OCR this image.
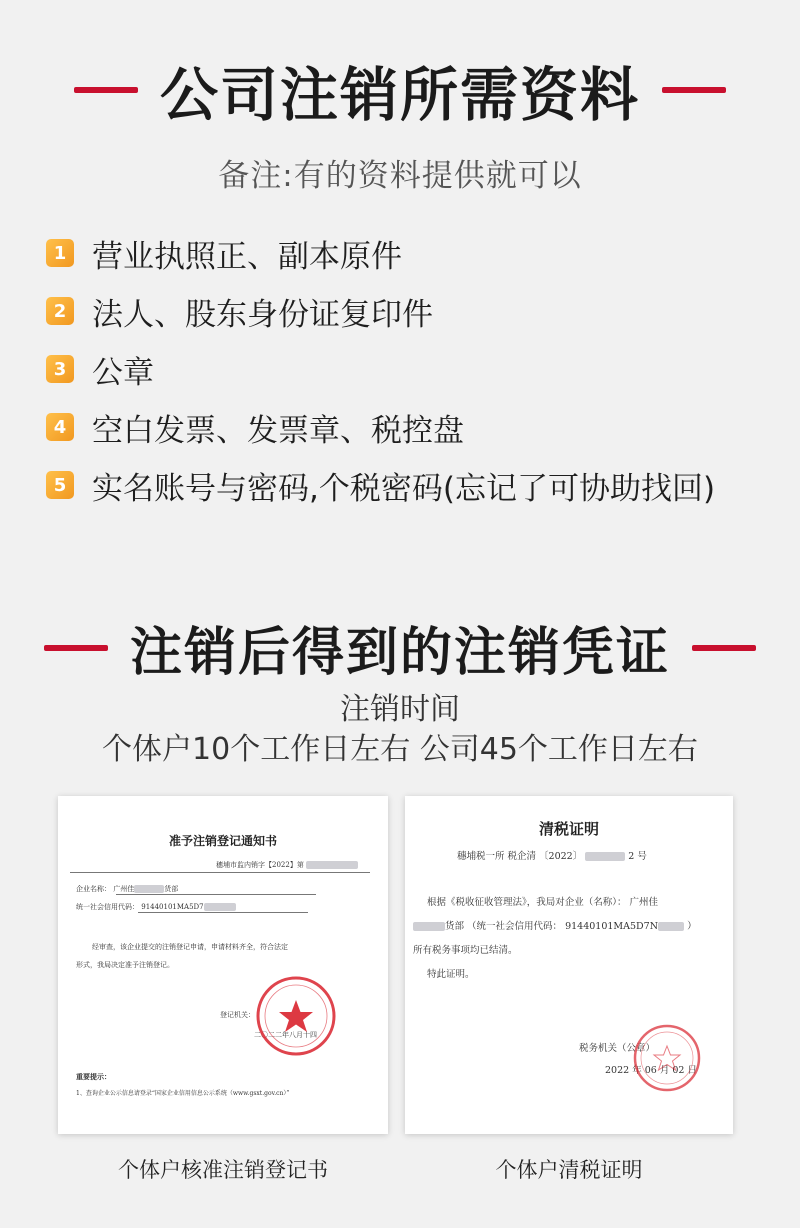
公司注销所需资料
备注:有的资料提供就可以
1 营业执照正、副本原件
2 法人、股东身份证复印件
3 公章
4 空白发票、发票章、税控盘
5 实名账号与密码,个税密码(忘记了可协助找回)
注销后得到的注销凭证
注销时间
个体户10个工作日左右 公司45个工作日左右
准予注销登记通知书
穗埔市监内销字【2022】第
企业名称： 广州佳	货部
统一社会信用代码： 91440101MA5D7
经审查，该企业提交的注销登记申请，申请材料齐全，符合法定
形式，我局决定准予注销登记。
登记机关：
二〇二二年八月十四
重要提示：
1、查询企业公示信息请登录“国家企业信用信息公示系统（www.gsxt.gov.cn）”
清税证明
穗埔税一所 税企清 〔2022〕	2 号
根据《税收征收管理法》，我局对企业（名称）： 广州佳
货部 （统一社会信用代码： 91440101MA5D7N	）
所有税务事项均已结清。
特此证明。
税务机关（公章）
2022 年 06 月 02 日
个体户核准注销登记书	个体户清税证明
